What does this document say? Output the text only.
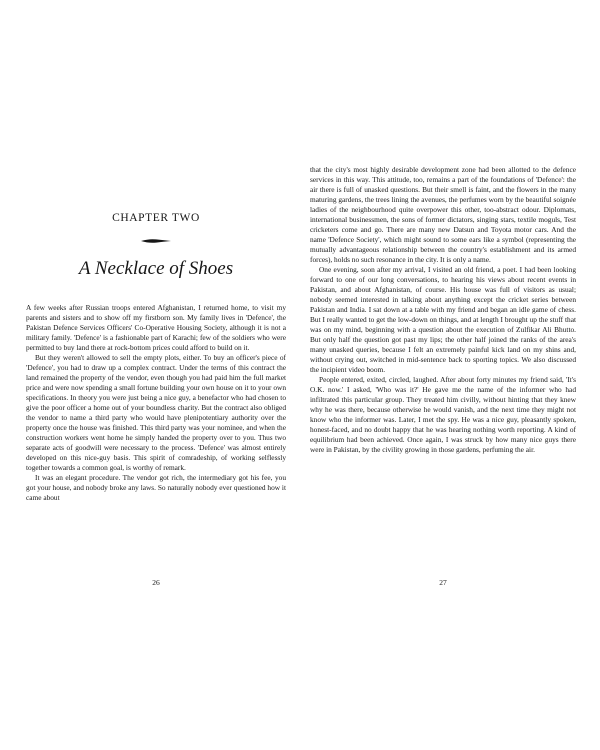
CHAPTER TWO
A Necklace of Shoes

A few weeks after Russian troops entered Afghanistan, I returned home, to visit my parents and sisters and to show off my firstborn son. My family lives in 'Defence', the Pakistan Defence Services Officers' Co-Operative Housing Society, although it is not a military family. 'Defence' is a fashionable part of Karachi; few of the soldiers who were permitted to buy land there at rock-bottom prices could afford to build on it.

But they weren't allowed to sell the empty plots, either. To buy an officer's piece of 'Defence', you had to draw up a complex contract. Under the terms of this contract the land remained the property of the vendor, even though you had paid him the full market price and were now spending a small fortune building your own house on it to your own specifications. In theory you were just being a nice guy, a benefactor who had chosen to give the poor officer a home out of your boundless charity. But the contract also obliged the vendor to name a third party who would have plenipotentiary authority over the property once the house was finished. This third party was your nominee, and when the construction workers went home he simply handed the property over to you. Thus two separate acts of goodwill were necessary to the process. 'Defence' was almost entirely developed on this nice-guy basis. This spirit of comradeship, of working selflessly together towards a common goal, is worthy of remark.

It was an elegant procedure. The vendor got rich, the intermediary got his fee, you got your house, and nobody broke any laws. So naturally nobody ever questioned how it came about

26

that the city's most highly desirable development zone had been allotted to the defence services in this way. This attitude, too, remains a part of the foundations of 'Defence': the air there is full of unasked questions. But their smell is faint, and the flowers in the many maturing gardens, the trees lining the avenues, the perfumes worn by the beautiful soignée ladies of the neighbourhood quite overpower this other, too-abstract odour. Diplomats, international businessmen, the sons of former dictators, singing stars, textile moguls, Test cricketers come and go. There are many new Datsun and Toyota motor cars. And the name 'Defence Society', which might sound to some ears like a symbol (representing the mutually advantageous relationship between the country's establishment and its armed forces), holds no such resonance in the city. It is only a name.

One evening, soon after my arrival, I visited an old friend, a poet. I had been looking forward to one of our long conversations, to hearing his views about recent events in Pakistan, and about Afghanistan, of course. His house was full of visitors as usual; nobody seemed interested in talking about anything except the cricket series between Pakistan and India. I sat down at a table with my friend and began an idle game of chess. But I really wanted to get the low-down on things, and at length I brought up the stuff that was on my mind, beginning with a question about the execution of Zulfikar Ali Bhutto. But only half the question got past my lips; the other half joined the ranks of the area's many unasked queries, because I felt an extremely painful kick land on my shins and, without crying out, switched in mid-sentence back to sporting topics. We also discussed the incipient video boom.

People entered, exited, circled, laughed. After about forty minutes my friend said, 'It's O.K. now.' I asked, 'Who was it?' He gave me the name of the informer who had infiltrated this particular group. They treated him civilly, without hinting that they knew why he was there, because otherwise he would vanish, and the next time they might not know who the informer was. Later, I met the spy. He was a nice guy, pleasantly spoken, honest-faced, and no doubt happy that he was hearing nothing worth reporting. A kind of equilibrium had been achieved. Once again, I was struck by how many nice guys there were in Pakistan, by the civility growing in those gardens, perfuming the air.

27
